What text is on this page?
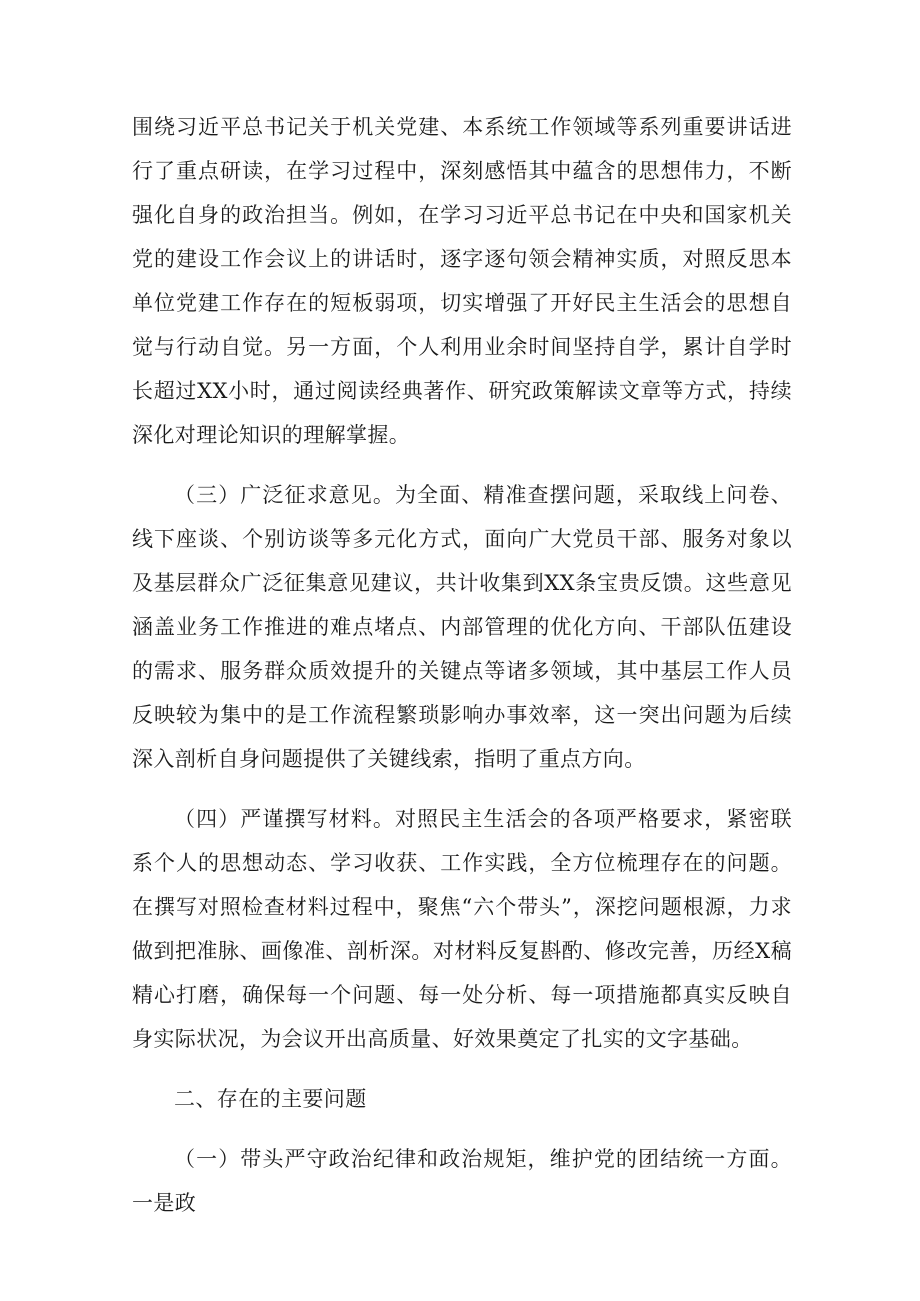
围绕习近平总书记关于机关党建、本系统工作领域等系列重要讲话进行了重点研读，在学习过程中，深刻感悟其中蕴含的思想伟力，不断强化自身的政治担当。例如，在学习习近平总书记在中央和国家机关党的建设工作会议上的讲话时，逐字逐句领会精神实质，对照反思本单位党建工作存在的短板弱项，切实增强了开好民主生活会的思想自觉与行动自觉。另一方面，个人利用业余时间坚持自学，累计自学时长超过XX小时，通过阅读经典著作、研究政策解读文章等方式，持续深化对理论知识的理解掌握。

（三）广泛征求意见。为全面、精准查摆问题，采取线上问卷、线下座谈、个别访谈等多元化方式，面向广大党员干部、服务对象以及基层群众广泛征集意见建议，共计收集到XX条宝贵反馈。这些意见涵盖业务工作推进的难点堵点、内部管理的优化方向、干部队伍建设的需求、服务群众质效提升的关键点等诸多领域，其中基层工作人员反映较为集中的是工作流程繁琐影响办事效率，这一突出问题为后续深入剖析自身问题提供了关键线索，指明了重点方向。

（四）严谨撰写材料。对照民主生活会的各项严格要求，紧密联系个人的思想动态、学习收获、工作实践，全方位梳理存在的问题。在撰写对照检查材料过程中，聚焦“六个带头”，深挖问题根源，力求做到把准脉、画像准、剖析深。对材料反复斟酌、修改完善，历经X稿精心打磨，确保每一个问题、每一处分析、每一项措施都真实反映自身实际状况，为会议开出高质量、好效果奠定了扎实的文字基础。

二、存在的主要问题

（一）带头严守政治纪律和政治规矩，维护党的团结统一方面。一是政
